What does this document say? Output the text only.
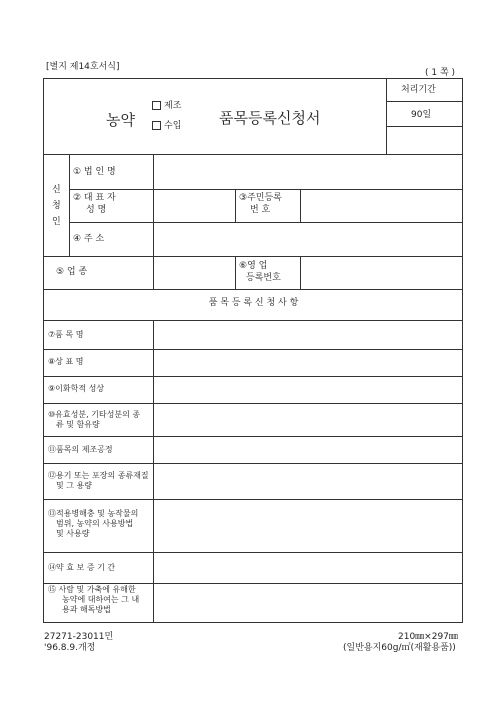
[별지 제14호서식]
( 1 쪽 )
농약
제조
수입	품목등록신청서
처리기간
90일
신
청
인
① 법 인 명
② 대 표 자
성 명
③주민등록
번 호
④ 주 소
⑤ 업 종
⑥영 업
등록번호
품 목 등 록 신 청 사 항
⑦품 목 명
⑧상 표 명
⑨이화학적 성상
⑩유효성분, 기타성분의 종
류 및 함유량
⑪품목의 제조공정
⑫용기 또는 포장의 종류재질
및 그 용량
⑬적용병해충 및 농작물의
범위, 농약의 사용방법
및 사용량
⑭약 효 보 증 기 간
⑮ 사람 및 가축에 유해한
농약에 대하여는 그 내
용과 해독방법
27271-23011민
'96.8.9.개정
210㎜×297㎜
(일반용지60g/㎡(재활용품))
